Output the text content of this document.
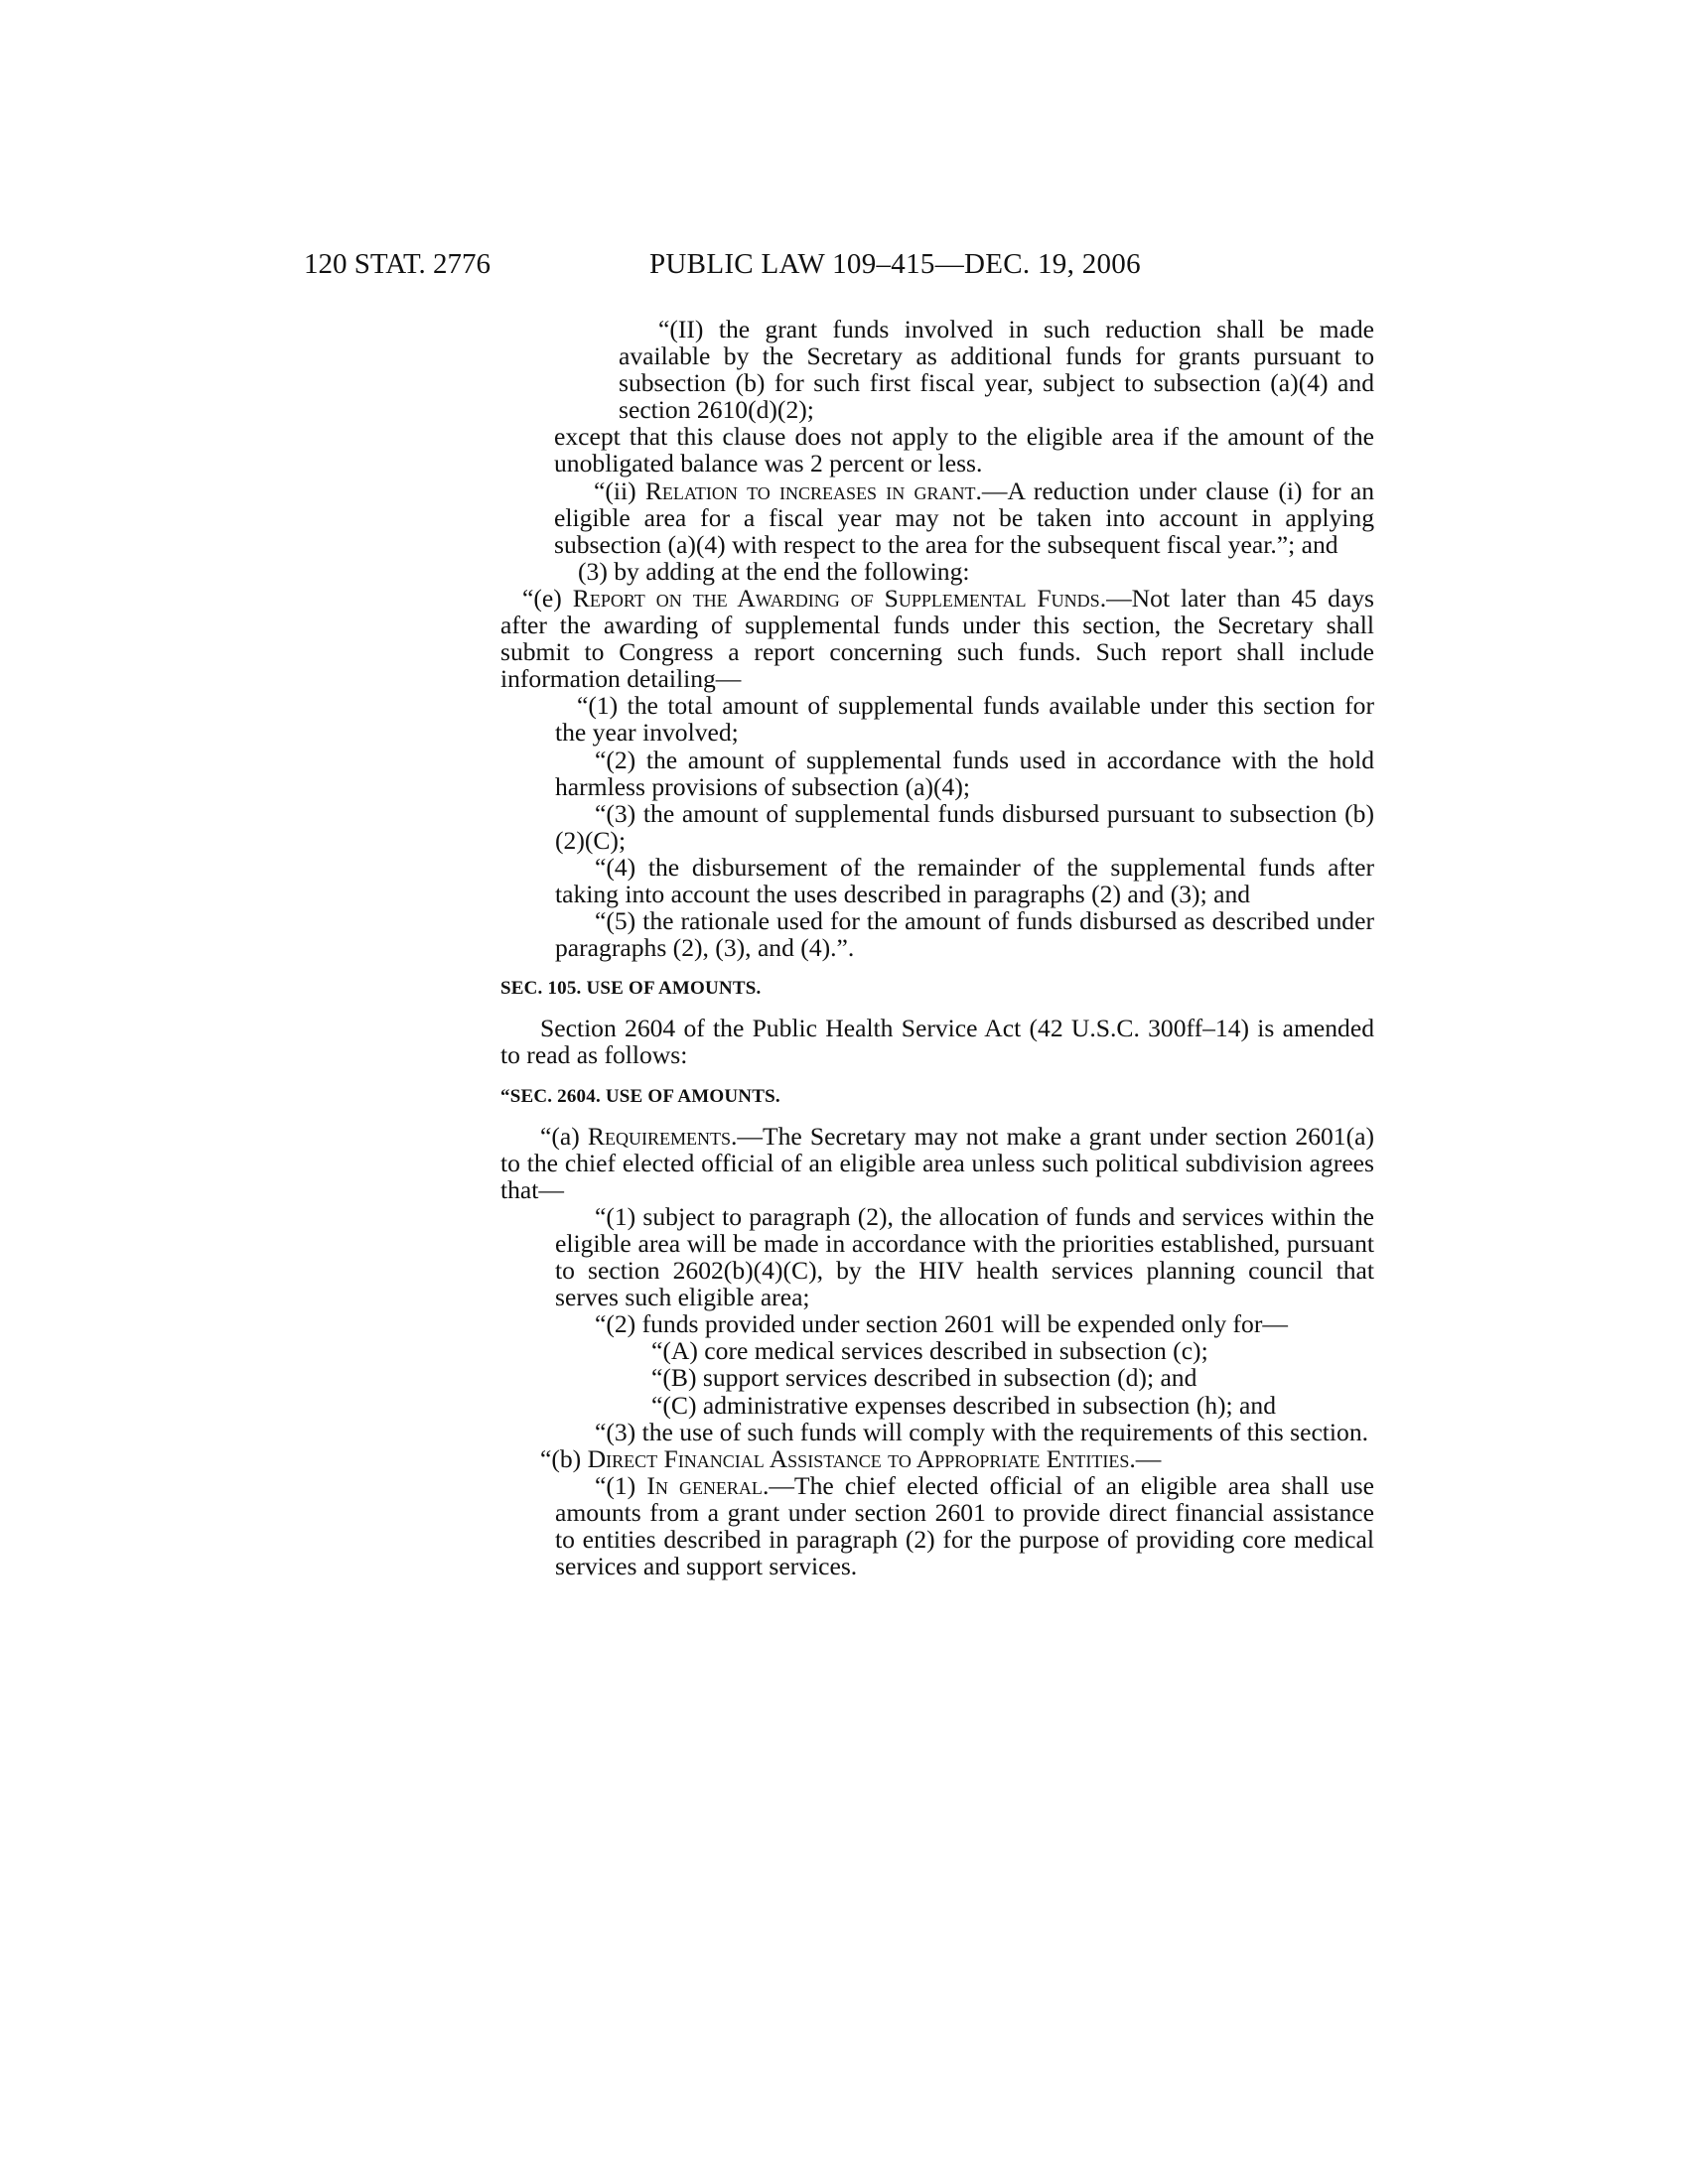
120 STAT. 2776	PUBLIC LAW 109–415—DEC. 19, 2006
“(II) the grant funds involved in such reduction shall be made available by the Secretary as additional funds for grants pursuant to subsection (b) for such first fiscal year, subject to subsection (a)(4) and section 2610(d)(2);
except that this clause does not apply to the eligible area if the amount of the unobligated balance was 2 percent or less.
“(ii) Relation to increases in grant.—A reduction under clause (i) for an eligible area for a fiscal year may not be taken into account in applying subsection (a)(4) with respect to the area for the subsequent fiscal year.”; and
(3) by adding at the end the following:
“(e) Report on the Awarding of Supplemental Funds.—Not later than 45 days after the awarding of supplemental funds under this section, the Secretary shall submit to Congress a report concerning such funds. Such report shall include information detailing—
“(1) the total amount of supplemental funds available under this section for the year involved;
“(2) the amount of supplemental funds used in accordance with the hold harmless provisions of subsection (a)(4);
“(3) the amount of supplemental funds disbursed pursuant to subsection (b)(2)(C);
“(4) the disbursement of the remainder of the supplemental funds after taking into account the uses described in paragraphs (2) and (3); and
“(5) the rationale used for the amount of funds disbursed as described under paragraphs (2), (3), and (4).”.
SEC. 105. USE OF AMOUNTS.
Section 2604 of the Public Health Service Act (42 U.S.C. 300ff–14) is amended to read as follows:
“SEC. 2604. USE OF AMOUNTS.
“(a) Requirements.—The Secretary may not make a grant under section 2601(a) to the chief elected official of an eligible area unless such political subdivision agrees that—
“(1) subject to paragraph (2), the allocation of funds and services within the eligible area will be made in accordance with the priorities established, pursuant to section 2602(b)(4)(C), by the HIV health services planning council that serves such eligible area;
“(2) funds provided under section 2601 will be expended only for—
“(A) core medical services described in subsection (c);
“(B) support services described in subsection (d); and
“(C) administrative expenses described in subsection (h); and
“(3) the use of such funds will comply with the requirements of this section.
“(b) Direct Financial Assistance to Appropriate Entities.—
“(1) In general.—The chief elected official of an eligible area shall use amounts from a grant under section 2601 to provide direct financial assistance to entities described in paragraph (2) for the purpose of providing core medical services and support services.
